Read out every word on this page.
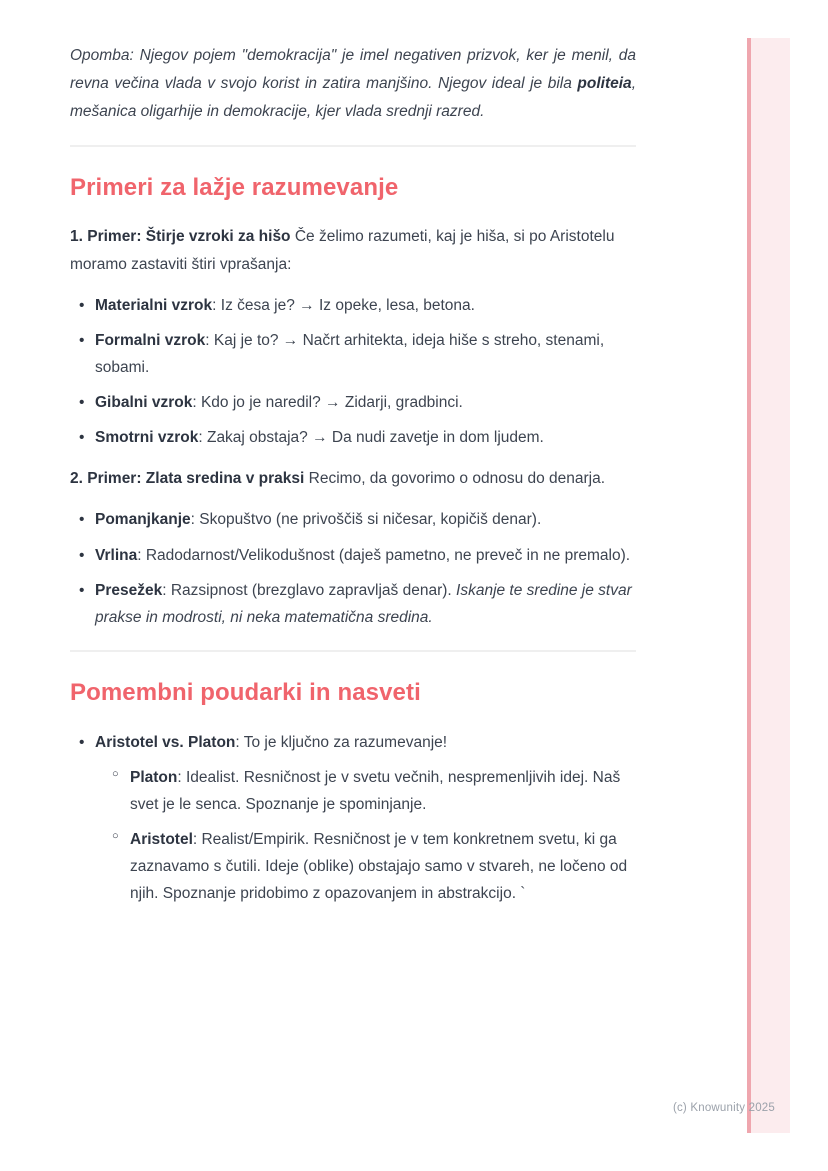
Opomba: Njegov pojem "demokracija" je imel negativen prizvok, ker je menil, da revna večina vlada v svojo korist in zatira manjšino. Njegov ideal je bila politeia, mešanica oligarhije in demokracije, kjer vlada srednji razred.

Primeri za lažje razumevanje

1. Primer: Štirje vzroki za hišo Če želimo razumeti, kaj je hiša, si po Aristotelu moramo zastaviti štiri vprašanja:

• Materialni vzrok: Iz česa je? → Iz opeke, lesa, betona.
• Formalni vzrok: Kaj je to? → Načrt arhitekta, ideja hiše s streho, stenami, sobami.
• Gibalni vzrok: Kdo jo je naredil? → Zidarji, gradbinci.
• Smotrni vzrok: Zakaj obstaja? → Da nudi zavetje in dom ljudem.

2. Primer: Zlata sredina v praksi Recimo, da govorimo o odnosu do denarja.

• Pomanjkanje: Skopuštvo (ne privoščiš si ničesar, kopičiš denar).
• Vrlina: Radodarnost/Velikodušnost (daješ pametno, ne preveč in ne premalo).
• Presežek: Razsipnost (brezglavo zapravljaš denar). Iskanje te sredine je stvar prakse in modrosti, ni neka matematična sredina.
Pomembni poudarki in nasveti
• Aristotel vs. Platon: To je ključno za razumevanje!
○ Platon: Idealist. Resničnost je v svetu večnih, nespremenljivih idej. Naš svet je le senca. Spoznanje je spominjanje.
○ Aristotel: Realist/Empirik. Resničnost je v tem konkretnem svetu, ki ga zaznavamo s čutili. Ideje (oblike) obstajajo samo v stvareh, ne ločeno od njih. Spoznanje pridobimo z opazovanjem in abstrakcijo. `
(c) Knowunity 2025
